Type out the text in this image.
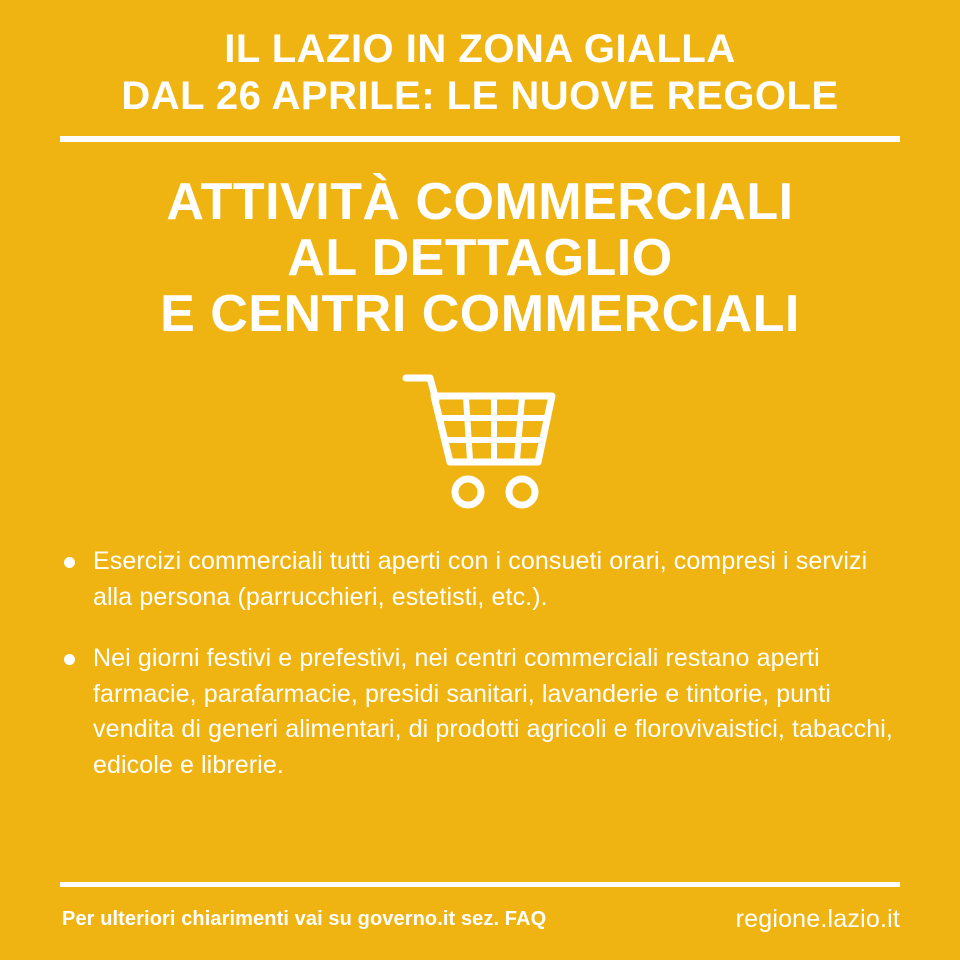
IL LAZIO IN ZONA GIALLA
DAL 26 APRILE: LE NUOVE REGOLE
ATTIVITÀ COMMERCIALI
AL DETTAGLIO
E CENTRI COMMERCIALI
Esercizi commerciali tutti aperti con i consueti orari, compresi i servizi alla persona (parrucchieri, estetisti, etc.).
Nei giorni festivi e prefestivi, nei centri commerciali restano aperti farmacie, parafarmacie, presidi sanitari, lavanderie e tintorie, punti vendita di generi alimentari, di prodotti agricoli e florovivaistici, tabacchi, edicole e librerie.
Per ulteriori chiarimenti vai su governo.it sez. FAQ	regione.lazio.it
